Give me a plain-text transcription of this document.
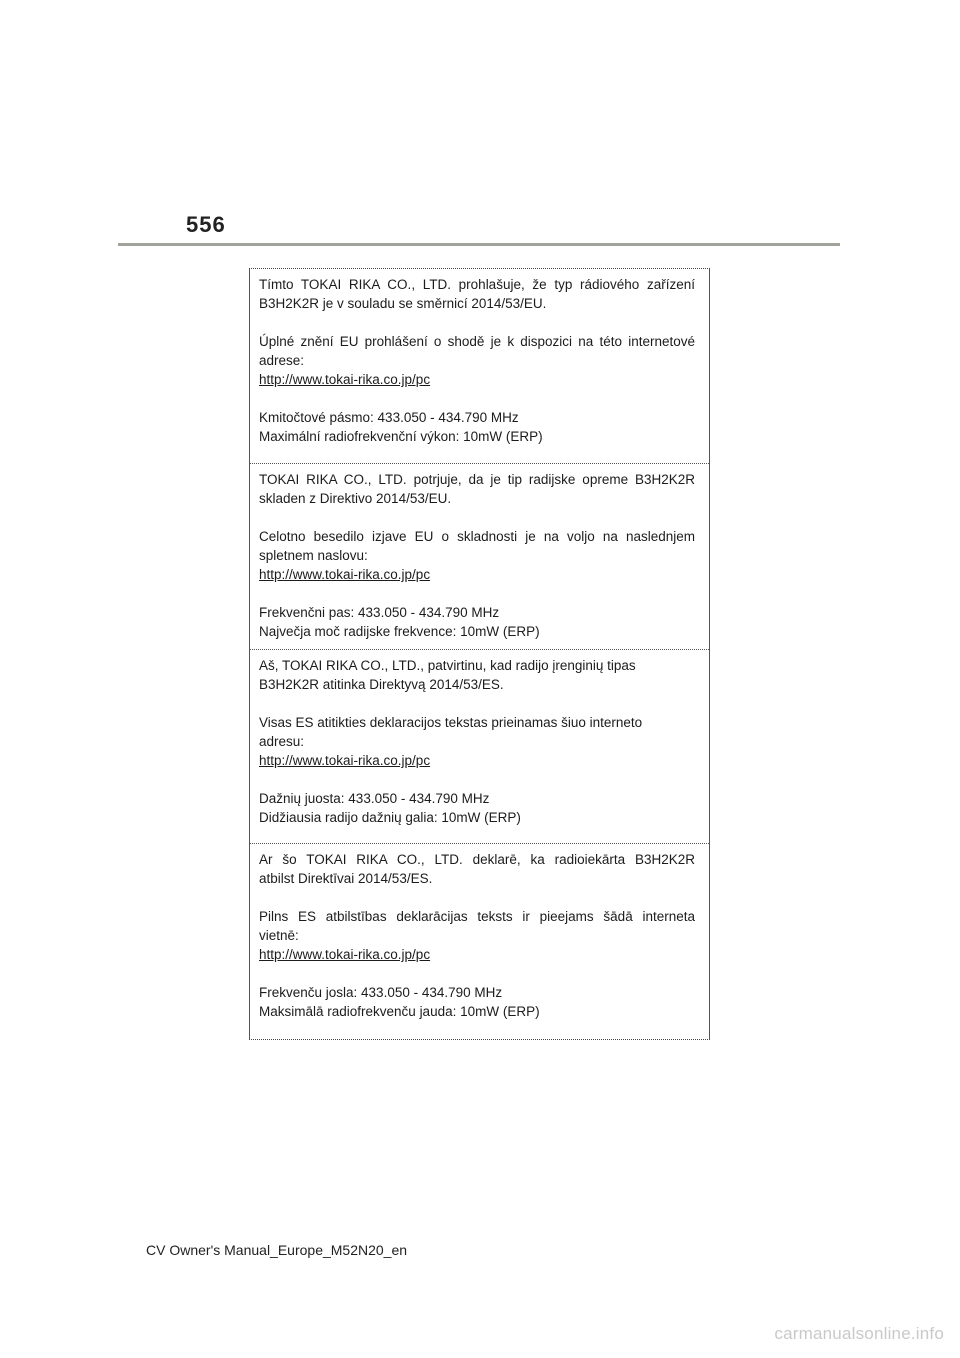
556
Tímto TOKAI RIKA CO., LTD. prohlašuje, že typ rádiového zařízení
B3H2K2R je v souladu se směrnicí 2014/53/EU.
Úplné znění EU prohlášení o shodě je k dispozici na této internetové
adrese:
http://www.tokai-rika.co.jp/pc
Kmitočtové pásmo: 433.050 - 434.790 MHz
Maximální radiofrekvenční výkon: 10mW (ERP)
TOKAI RIKA CO., LTD. potrjuje, da je tip radijske opreme B3H2K2R
skladen z Direktivo 2014/53/EU.
Celotno besedilo izjave EU o skladnosti je na voljo na naslednjem
spletnem naslovu:
http://www.tokai-rika.co.jp/pc
Frekvenčni pas: 433.050 - 434.790 MHz
Največja moč radijske frekvence: 10mW (ERP)
Aš, TOKAI RIKA CO., LTD., patvirtinu, kad radijo įrenginių tipas
B3H2K2R atitinka Direktyvą 2014/53/ES.
Visas ES atitikties deklaracijos tekstas prieinamas šiuo interneto
adresu:
http://www.tokai-rika.co.jp/pc
Dažnių juosta: 433.050 - 434.790 MHz
Didžiausia radijo dažnių galia: 10mW (ERP)
Ar šo TOKAI RIKA CO., LTD. deklarē, ka radioiekārta B3H2K2R
atbilst Direktīvai 2014/53/ES.
Pilns ES atbilstības deklarācijas teksts ir pieejams šādā interneta
vietnē:
http://www.tokai-rika.co.jp/pc
Frekvenču josla: 433.050 - 434.790 MHz
Maksimālā radiofrekvenču jauda: 10mW (ERP)
CV Owner's Manual_Europe_M52N20_en
carmanualsonline.info
